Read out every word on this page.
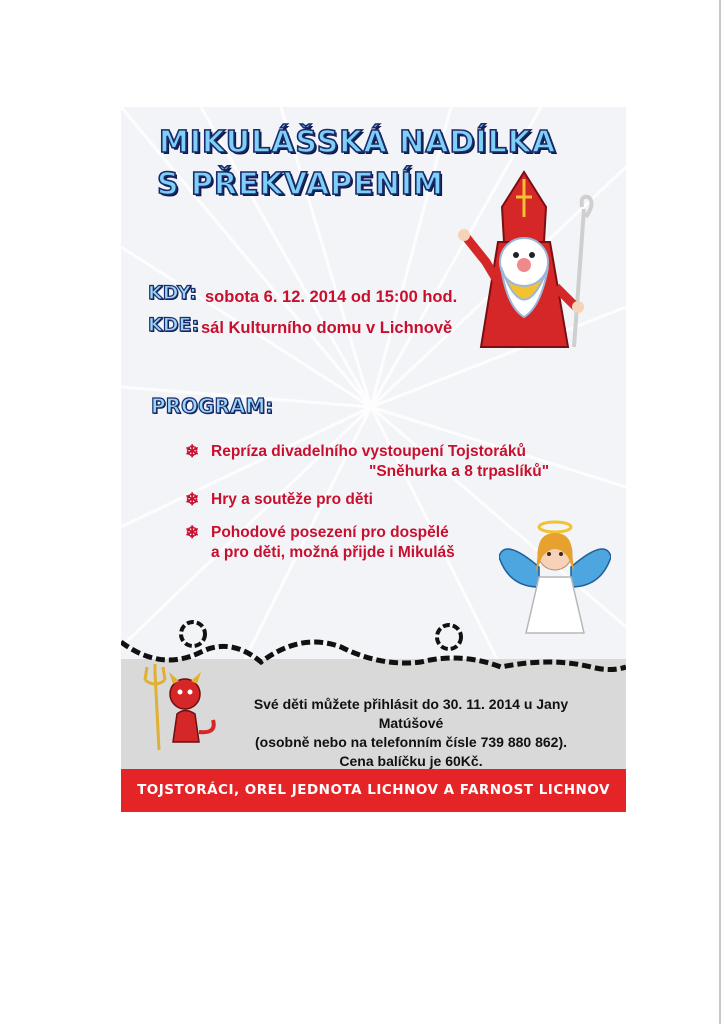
MIKULÁŠSKÁ NADÍLKA
S PŘEKVAPENÍM
KDY: sobota 6. 12. 2014 od 15:00 hod.
KDE: sál Kulturního domu v Lichnově
PROGRAM:
❄ Repríza divadelního vystoupení Tojstoráků
"Sněhurka a 8 trpaslíků"
❄ Hry a soutěže pro děti
❄ Pohodové posezení pro dospělé
a pro děti, možná přijde i Mikuláš
Své děti můžete přihlásit do 30. 11. 2014 u Jany Matúšové
(osobně nebo na telefonním čísle 739 880 862).
Cena balíčku je 60Kč.
TOJSTORÁCI, OREL JEDNOTA LICHNOV A FARNOST LICHNOV
